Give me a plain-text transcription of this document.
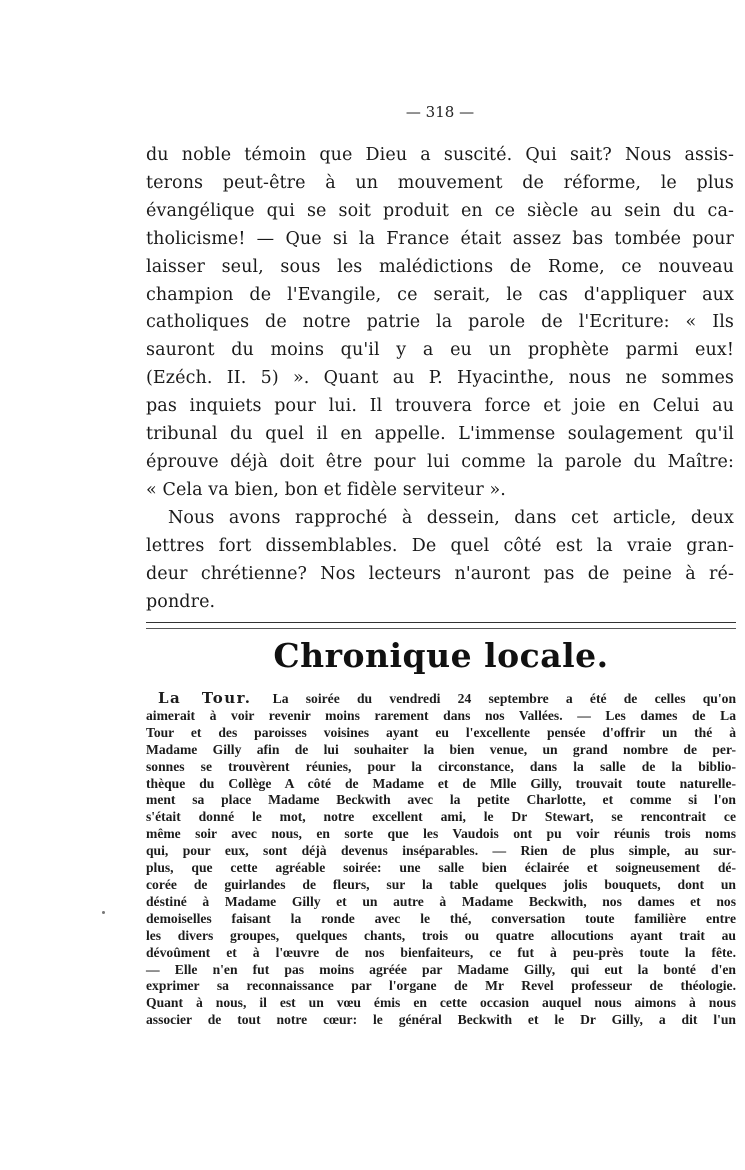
— 318 —

du noble témoin que Dieu a suscité. Qui sait? Nous assis-
terons peut-être à un mouvement de réforme, le plus
évangélique qui se soit produit en ce siècle au sein du ca-
tholicisme! — Que si la France était assez bas tombée pour
laisser seul, sous les malédictions de Rome, ce nouveau
champion de l'Evangile, ce serait, le cas d'appliquer aux
catholiques de notre patrie la parole de l'Ecriture: « Ils
sauront du moins qu'il y a eu un prophète parmi eux!
(Ezéch. II. 5) ». Quant au P. Hyacinthe, nous ne sommes
pas inquiets pour lui. Il trouvera force et joie en Celui au
tribunal du quel il en appelle. L'immense soulagement qu'il
éprouve déjà doit être pour lui comme la parole du Maître:
« Cela va bien, bon et fidèle serviteur ».

Nous avons rapproché à dessein, dans cet article, deux
lettres fort dissemblables. De quel côté est la vraie gran-
deur chrétienne? Nos lecteurs n'auront pas de peine à ré-
pondre.

Chronique locale.
La Tour. La soirée du vendredi 24 septembre a été de celles qu'on
aimerait à voir revenir moins rarement dans nos Vallées. — Les dames de La
Tour et des paroisses voisines ayant eu l'excellente pensée d'offrir un thé à
Madame Gilly afin de lui souhaiter la bien venue, un grand nombre de per-
sonnes se trouvèrent réunies, pour la circonstance, dans la salle de la biblio-
thèque du Collège A côté de Madame et de Mlle Gilly, trouvait toute naturelle-
ment sa place Madame Beckwith avec la petite Charlotte, et comme si l'on
s'était donné le mot, notre excellent ami, le Dr Stewart, se rencontrait ce
même soir avec nous, en sorte que les Vaudois ont pu voir réunis trois noms
qui, pour eux, sont déjà devenus inséparables. — Rien de plus simple, au sur-
plus, que cette agréable soirée: une salle bien éclairée et soigneusement dé-
corée de guirlandes de fleurs, sur la table quelques jolis bouquets, dont un
déstiné à Madame Gilly et un autre à Madame Beckwith, nos dames et nos
demoiselles faisant la ronde avec le thé, conversation toute familière entre
les divers groupes, quelques chants, trois ou quatre allocutions ayant trait au
dévoûment et à l'œuvre de nos bienfaiteurs, ce fut à peu-près toute la fête.
— Elle n'en fut pas moins agréée par Madame Gilly, qui eut la bonté d'en
exprimer sa reconnaissance par l'organe de Mr Revel professeur de théologie.
Quant à nous, il est un vœu émis en cette occasion auquel nous aimons à nous
associer de tout notre cœur: le général Beckwith et le Dr Gilly, a dit l'un
